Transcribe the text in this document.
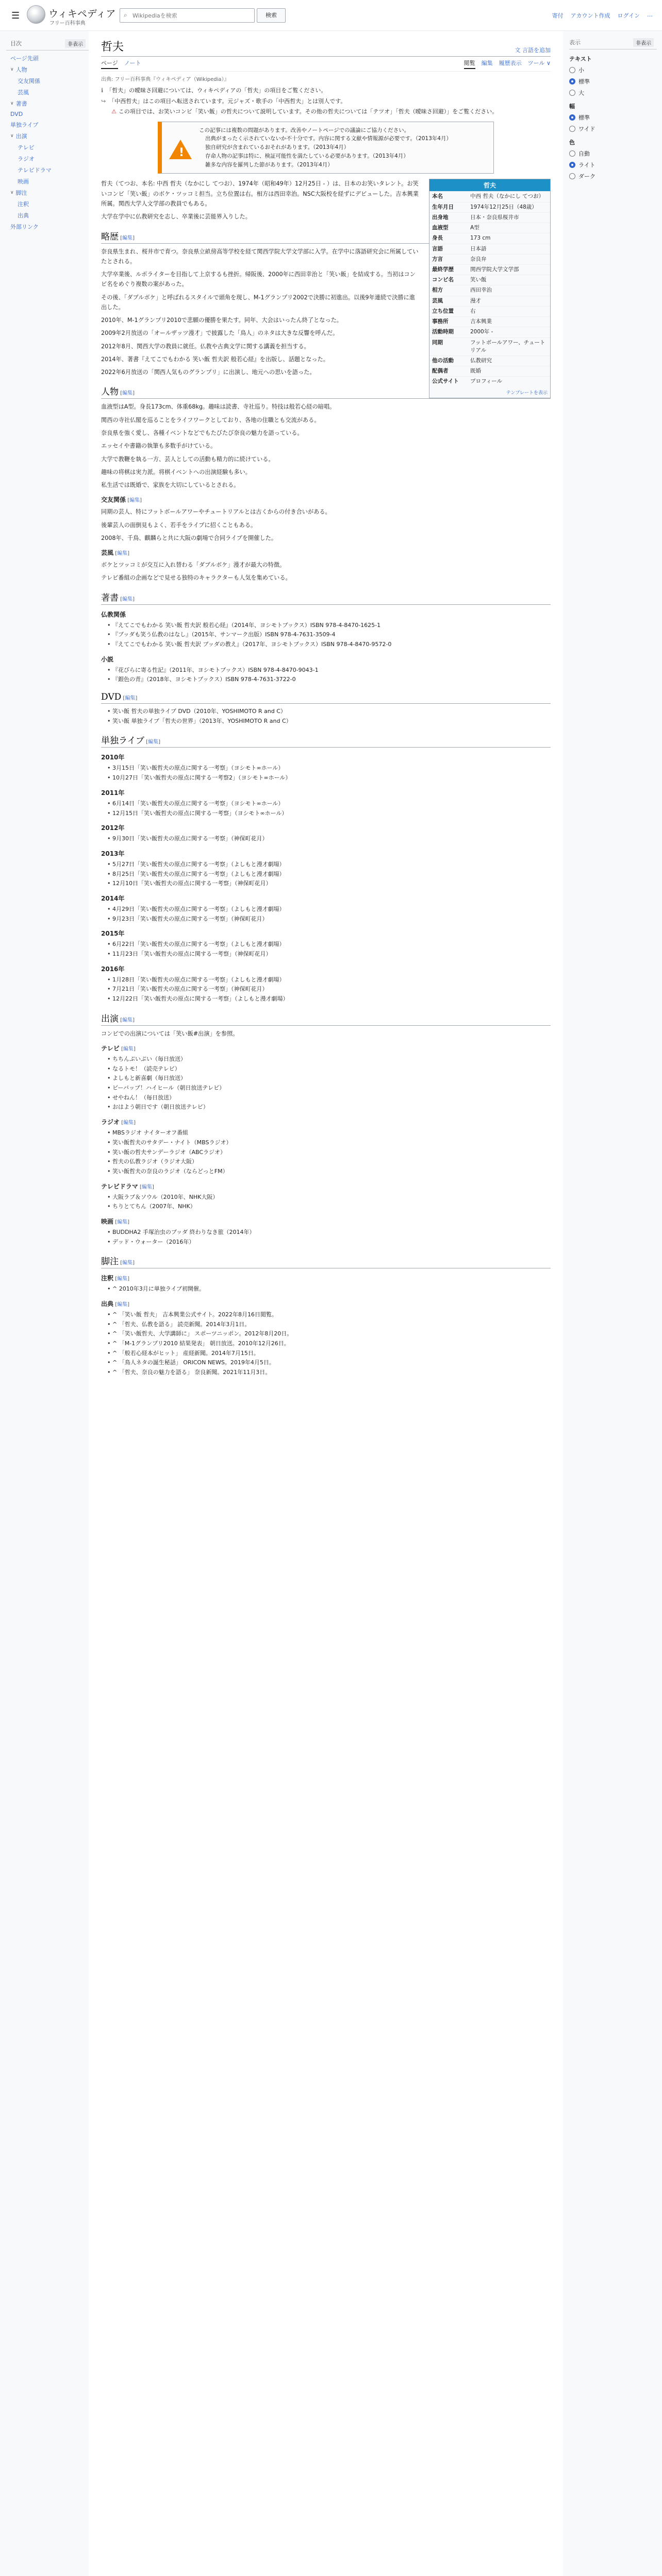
☰	ウィキペディア
フリー百科事典
⌕
Wikipediaを検索	検索	寄付 アカウント作成 ログイン …
目次	非表示
ページ先頭
∨ 人物
交友関係
芸風
∨ 著書
DVD
単独ライブ
∨ 出演
テレビ
ラジオ
テレビドラマ
映画
∨ 脚注
注釈
出典
外部リンク
哲夫	文 言語を追加
ページ ノート	閲覧 編集 履歴表示 ツール ∨
出典: フリー百科事典『ウィキペディア（Wikipedia）』
ℹ 「哲夫」の曖昧さ回避については、ウィキペディアの「哲夫」の項目をご覧ください。
↪ 「中西哲夫」はこの項目へ転送されています。元ジャズ・歌手の「中西哲夫」とは別人です。
⚠ この項目では、お笑いコンビ「笑い飯」の哲夫について説明しています。その他の哲夫については「テツオ」「哲夫（曖昧さ回避）」をご覧ください。
!
この記事には複数の問題があります。改善やノートページでの議論にご協力ください。
出典がまったく示されていないか不十分です。内容に関する文献や情報源が必要です。（2013年4月）
独自研究が含まれているおそれがあります。（2013年4月）
存命人物の記事は特に、検証可能性を満たしている必要があります。（2013年4月）
雑多な内容を羅列した節があります。（2013年4月）
哲夫
本名	中西 哲夫（なかにし てつお）
生年月日	1974年12月25日（48歳）
出身地	日本・奈良県桜井市
血液型	A型
身長	173 cm
言語	日本語
方言	奈良弁
最終学歴	関西学院大学文学部
コンビ名	笑い飯
相方	西田幸治
芸風	漫才
立ち位置	右
事務所	吉本興業
活動時期	2000年 -
同期	フットボールアワー、チュートリアル
他の活動	仏教研究
配偶者	既婚
公式サイト	プロフィール
テンプレートを表示

哲夫（てつお、本名: 中西 哲夫（なかにし てつお）、1974年（昭和49年）12月25日 - ）は、日本のお笑いタレント。お笑いコンビ「笑い飯」のボケ・ツッコミ担当。立ち位置は右。相方は西田幸治。NSC大阪校を経ずにデビューした。吉本興業所属。関西大学人文学部の教員でもある。

大学在学中に仏教研究を志し、卒業後に芸能界入りした。

略歴 [編集]

奈良県生まれ、桜井市で育つ。奈良県立畝傍高等学校を経て関西学院大学文学部に入学。在学中に落語研究会に所属していたとされる。

大学卒業後、ルポライターを目指して上京するも挫折。帰阪後、2000年に西田幸治と「笑い飯」を結成する。当初はコンビ名をめぐり複数の案があった。

その後、「ダブルボケ」と呼ばれるスタイルで頭角を現し、M-1グランプリ2002で決勝に初進出。以後9年連続で決勝に進出した。

2010年、M-1グランプリ2010で悲願の優勝を果たす。同年、大会はいったん終了となった。

2009年2月放送の「オールザッツ漫才」で披露した「鳥人」のネタは大きな反響を呼んだ。

2012年8月、関西大学の教員に就任。仏教や古典文学に関する講義を担当する。

2014年、著書『えてこでもわかる 笑い飯 哲夫訳 般若心経』を出版し、話題となった。

2022年6月放送の「関西人気ものグランプリ」に出演し、地元への思いを語った。

人物 [編集]

血液型はA型。身長173cm、体重68kg。趣味は読書、寺社巡り。特技は般若心経の暗唱。

関西の寺社仏閣を巡ることをライフワークとしており、各地の住職とも交流がある。

奈良県を強く愛し、各種イベントなどでもたびたび奈良の魅力を語っている。

エッセイや書籍の執筆も多数手がけている。

大学で教鞭を執る一方、芸人としての活動も精力的に続けている。

趣味の将棋は実力派。将棋イベントへの出演経験も多い。

私生活では既婚で、家族を大切にしているとされる。

交友関係 [編集]

同期の芸人、特にフットボールアワーやチュートリアルとは古くからの付き合いがある。

後輩芸人の面倒見もよく、若手をライブに招くこともある。

2008年、千鳥、麒麟らと共に大阪の劇場で合同ライブを開催した。

芸風 [編集]

ボケとツッコミが交互に入れ替わる「ダブルボケ」漫才が最大の特徴。

テレビ番組の企画などで見せる独特のキャラクターも人気を集めている。

著書 [編集]
仏教関係
• 『えてこでもわかる 笑い飯 哲夫訳 般若心経』（2014年、ヨシモトブックス）ISBN 978-4-8470-1625-1
• 『ブッダも笑う仏教のはなし』（2015年、サンマーク出版）ISBN 978-4-7631-3509-4
• 『えてこでもわかる 笑い飯 哲夫訳 ブッダの教え』（2017年、ヨシモトブックス）ISBN 978-4-8470-9572-0
小説
• 『花びらに寄る性記』（2011年、ヨシモトブックス）ISBN 978-4-8470-9043-1
• 『銀色の青』（2018年、ヨシモトブックス）ISBN 978-4-7631-3722-0
DVD [編集]
• 笑い飯 哲夫の単独ライブ DVD（2010年、YOSHIMOTO R and C）
• 笑い飯 単独ライブ「哲夫の世界」（2013年、YOSHIMOTO R and C）
単独ライブ [編集]
2010年
• 3月15日「笑い飯哲夫の原点に関する一考察」（ヨシモト∞ホール）
• 10月27日「笑い飯哲夫の原点に関する一考察2」（ヨシモト∞ホール）
2011年
• 6月14日「笑い飯哲夫の原点に関する一考察」（ヨシモト∞ホール）
• 12月15日「笑い飯哲夫の原点に関する一考察」（ヨシモト∞ホール）
2012年
• 9月30日「笑い飯哲夫の原点に関する一考察」（神保町花月）
2013年
• 5月27日「笑い飯哲夫の原点に関する一考察」（よしもと漫才劇場）
• 8月25日「笑い飯哲夫の原点に関する一考察」（よしもと漫才劇場）
• 12月10日「笑い飯哲夫の原点に関する一考察」（神保町花月）
2014年
• 4月29日「笑い飯哲夫の原点に関する一考察」（よしもと漫才劇場）
• 9月23日「笑い飯哲夫の原点に関する一考察」（神保町花月）
2015年
• 6月22日「笑い飯哲夫の原点に関する一考察」（よしもと漫才劇場）
• 11月23日「笑い飯哲夫の原点に関する一考察」（神保町花月）
2016年
• 1月28日「笑い飯哲夫の原点に関する一考察」（よしもと漫才劇場）
• 7月21日「笑い飯哲夫の原点に関する一考察」（神保町花月）
• 12月22日「笑い飯哲夫の原点に関する一考察」（よしもと漫才劇場）
出演 [編集]

コンビでの出演については「笑い飯#出演」を参照。

テレビ [編集]
• ちちんぷいぷい（毎日放送）
• なるトモ！（読売テレビ）
• よしもと新喜劇（毎日放送）
• ビーバップ！ハイヒール（朝日放送テレビ）
• せやねん！（毎日放送）
• おはよう朝日です（朝日放送テレビ）
ラジオ [編集]
• MBSラジオ ナイターオフ番組
• 笑い飯哲夫のサタデー・ナイト（MBSラジオ）
• 笑い飯の哲夫サンデーラジオ（ABCラジオ）
• 哲夫の仏教ラジオ（ラジオ大阪）
• 笑い飯哲夫の奈良のラジオ（ならどっとFM）
テレビドラマ [編集]
• 大阪ラブ＆ソウル（2010年、NHK大阪）
• ちりとてちん（2007年、NHK）
映画 [編集]
• BUDDHA2 手塚治虫のブッダ 終わりなき旅（2014年）
• デッド・ウォーター（2016年）
脚注 [編集]
注釈 [編集]
• ^ 2010年3月に単独ライブ初開催。
出典 [編集]
• ^ 「笑い飯 哲夫」 吉本興業公式サイト。2022年8月16日閲覧。
• ^ 「哲夫、仏教を語る」 読売新聞。2014年3月1日。
• ^ 「笑い飯哲夫、大学講師に」 スポーツニッポン。2012年8月20日。
• ^ 「M-1グランプリ2010 結果発表」 朝日放送。2010年12月26日。
• ^ 「般若心経本がヒット」 産経新聞。2014年7月15日。
• ^ 「鳥人ネタの誕生秘話」 ORICON NEWS。2019年4月5日。
• ^ 「哲夫、奈良の魅力を語る」 奈良新聞。2021年11月3日。
表示	非表示
テキスト
小
標準
大
幅
標準
ワイド
色
自動
ライト
ダーク
